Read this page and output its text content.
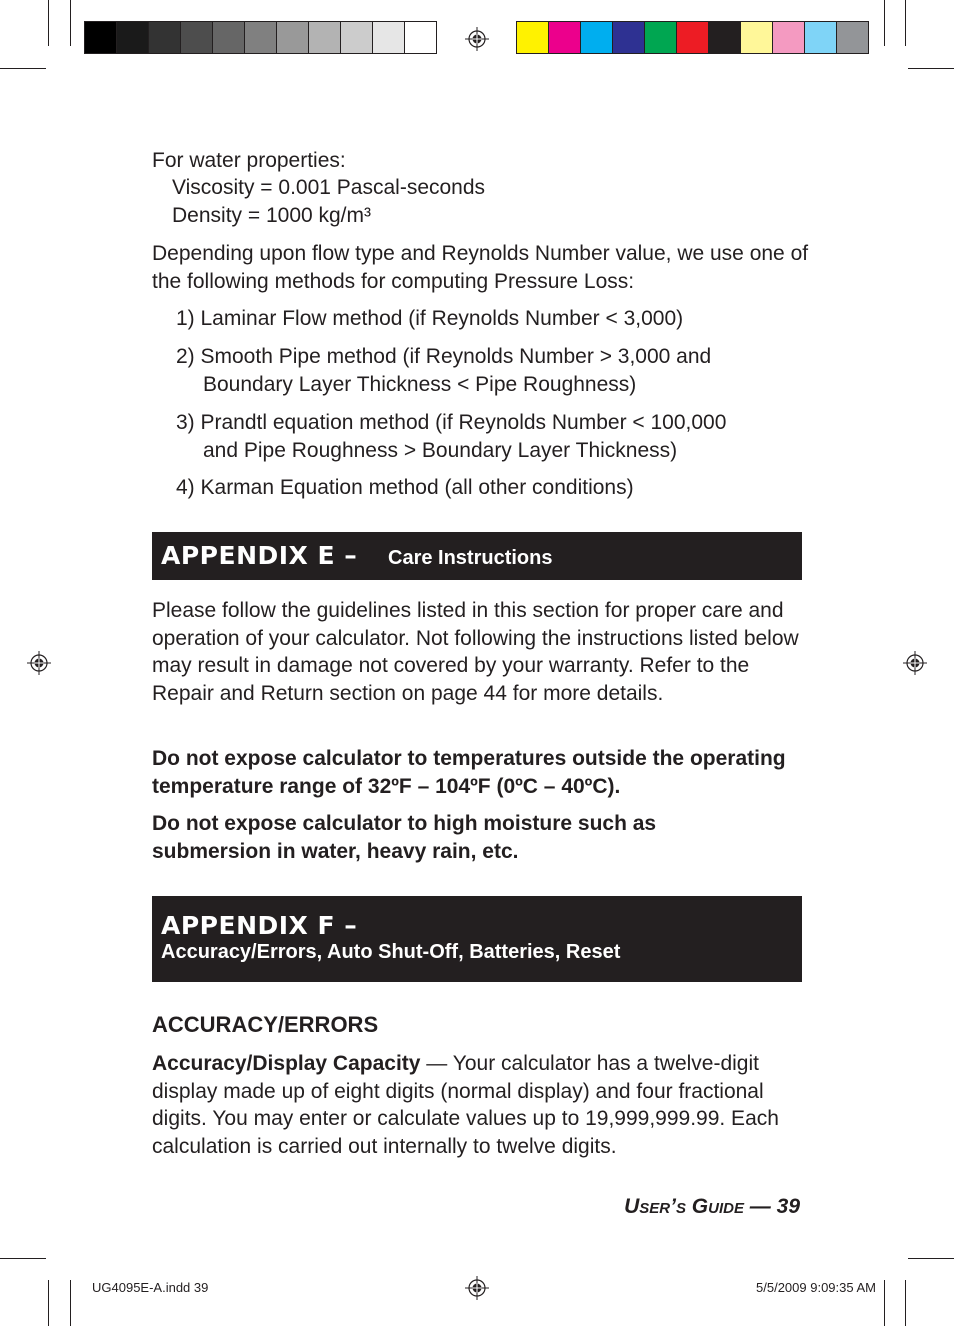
For water properties:
Viscosity = 0.001 Pascal-seconds
Density = 1000 kg/m³
Depending upon flow type and Reynolds Number value, we use one of the following methods for computing Pressure Loss:
1) Laminar Flow method (if Reynolds Number < 3,000)
2) Smooth Pipe method (if Reynolds Number > 3,000 and
Boundary Layer Thickness < Pipe Roughness)
3) Prandtl equation method (if Reynolds Number < 100,000
and Pipe Roughness > Boundary Layer Thickness)
4) Karman Equation method (all other conditions)
APPENDIX E – Care Instructions
Please follow the guidelines listed in this section for proper care and operation of your calculator. Not following the instructions listed below may result in damage not covered by your warranty. Refer to the Repair and Return section on page 44 for more details.
Do not expose calculator to temperatures outside the operating temperature range of 32ºF – 104ºF (0ºC – 40ºC).
Do not expose calculator to high moisture such as submersion in water, heavy rain, etc.
APPENDIX F –
Accuracy/Errors, Auto Shut-Off, Batteries, Reset
ACCURACY/ERRORS
Accuracy/Display Capacity — Your calculator has a twelve-digit display made up of eight digits (normal display) and four fractional digits. You may enter or calculate values up to 19,999,999.99. Each calculation is carried out internally to twelve digits.
User’s Guide — 39
UG4095E-A.indd 39	5/5/2009 9:09:35 AM
